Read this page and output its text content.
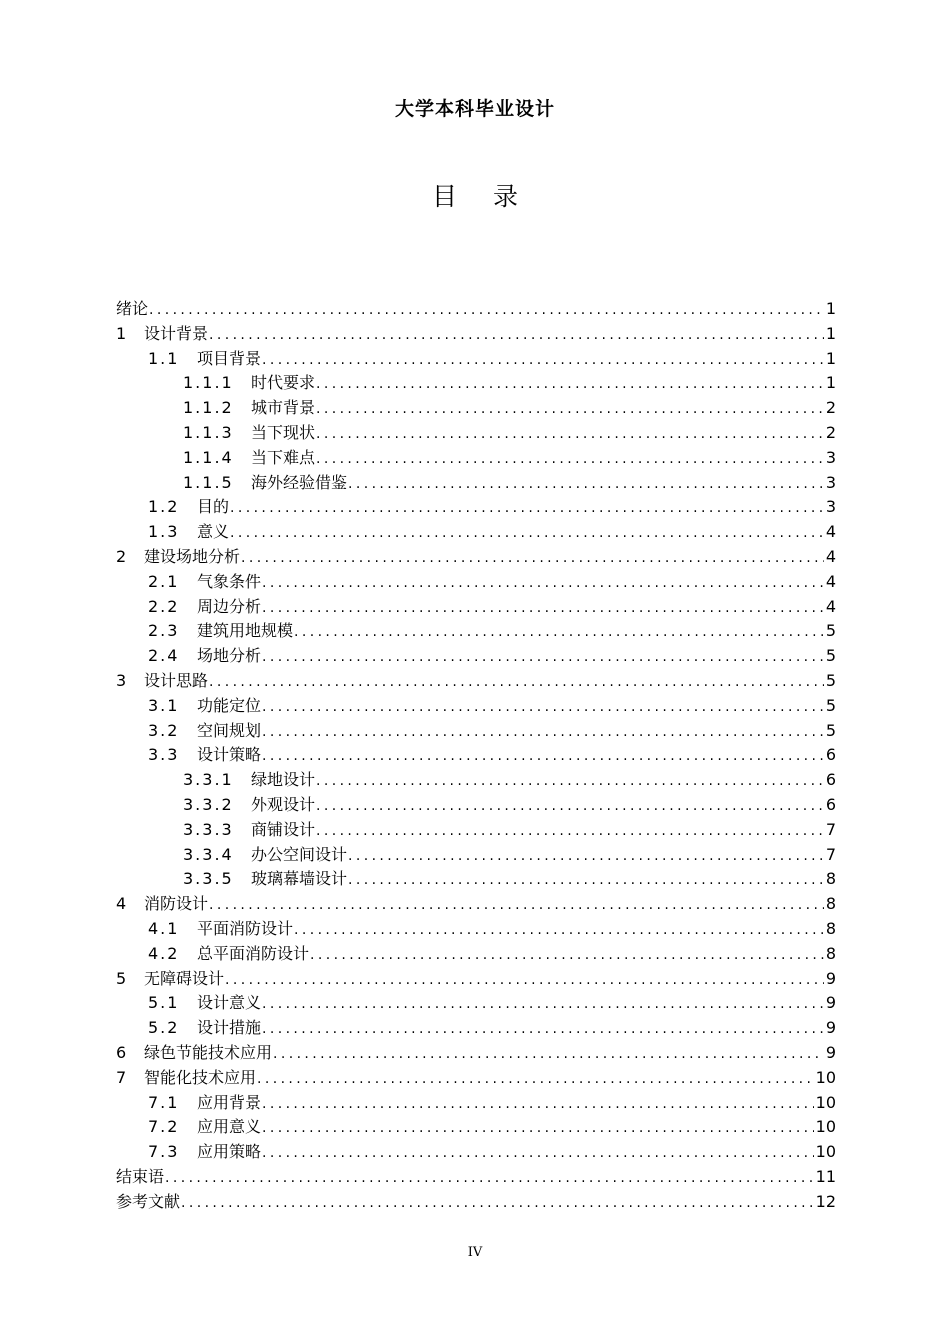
大学本科毕业设计
目 录
绪论 .....	1
1	设计背景 .....	1
1.1	项目背景 .....	1
1.1.1	时代要求 .....	1
1.1.2	城市背景 .....	2
1.1.3	当下现状 .....	2
1.1.4	当下难点 .....	3
1.1.5	海外经验借鉴 .....	3
1.2	目的 .....	3
1.3	意义 .....	4
2	建设场地分析 .....	4
2.1	气象条件 .....	4
2.2	周边分析 .....	4
2.3	建筑用地规模 .....	5
2.4	场地分析 .....	5
3	设计思路 .....	5
3.1	功能定位 .....	5
3.2	空间规划 .....	5
3.3	设计策略 .....	6
3.3.1	绿地设计 .....	6
3.3.2	外观设计 .....	6
3.3.3	商铺设计 .....	7
3.3.4	办公空间设计 .....	7
3.3.5	玻璃幕墙设计 .....	8
4	消防设计 .....	8
4.1	平面消防设计 .....	8
4.2	总平面消防设计 .....	8
5	无障碍设计 .....	9
5.1	设计意义 .....	9
5.2	设计措施 .....	9
6	绿色节能技术应用 .....	9
7	智能化技术应用 .....	10
7.1	应用背景 .....	10
7.2	应用意义 .....	10
7.3	应用策略 .....	10
结束语 .....	11
参考文献 .....	12
IV
